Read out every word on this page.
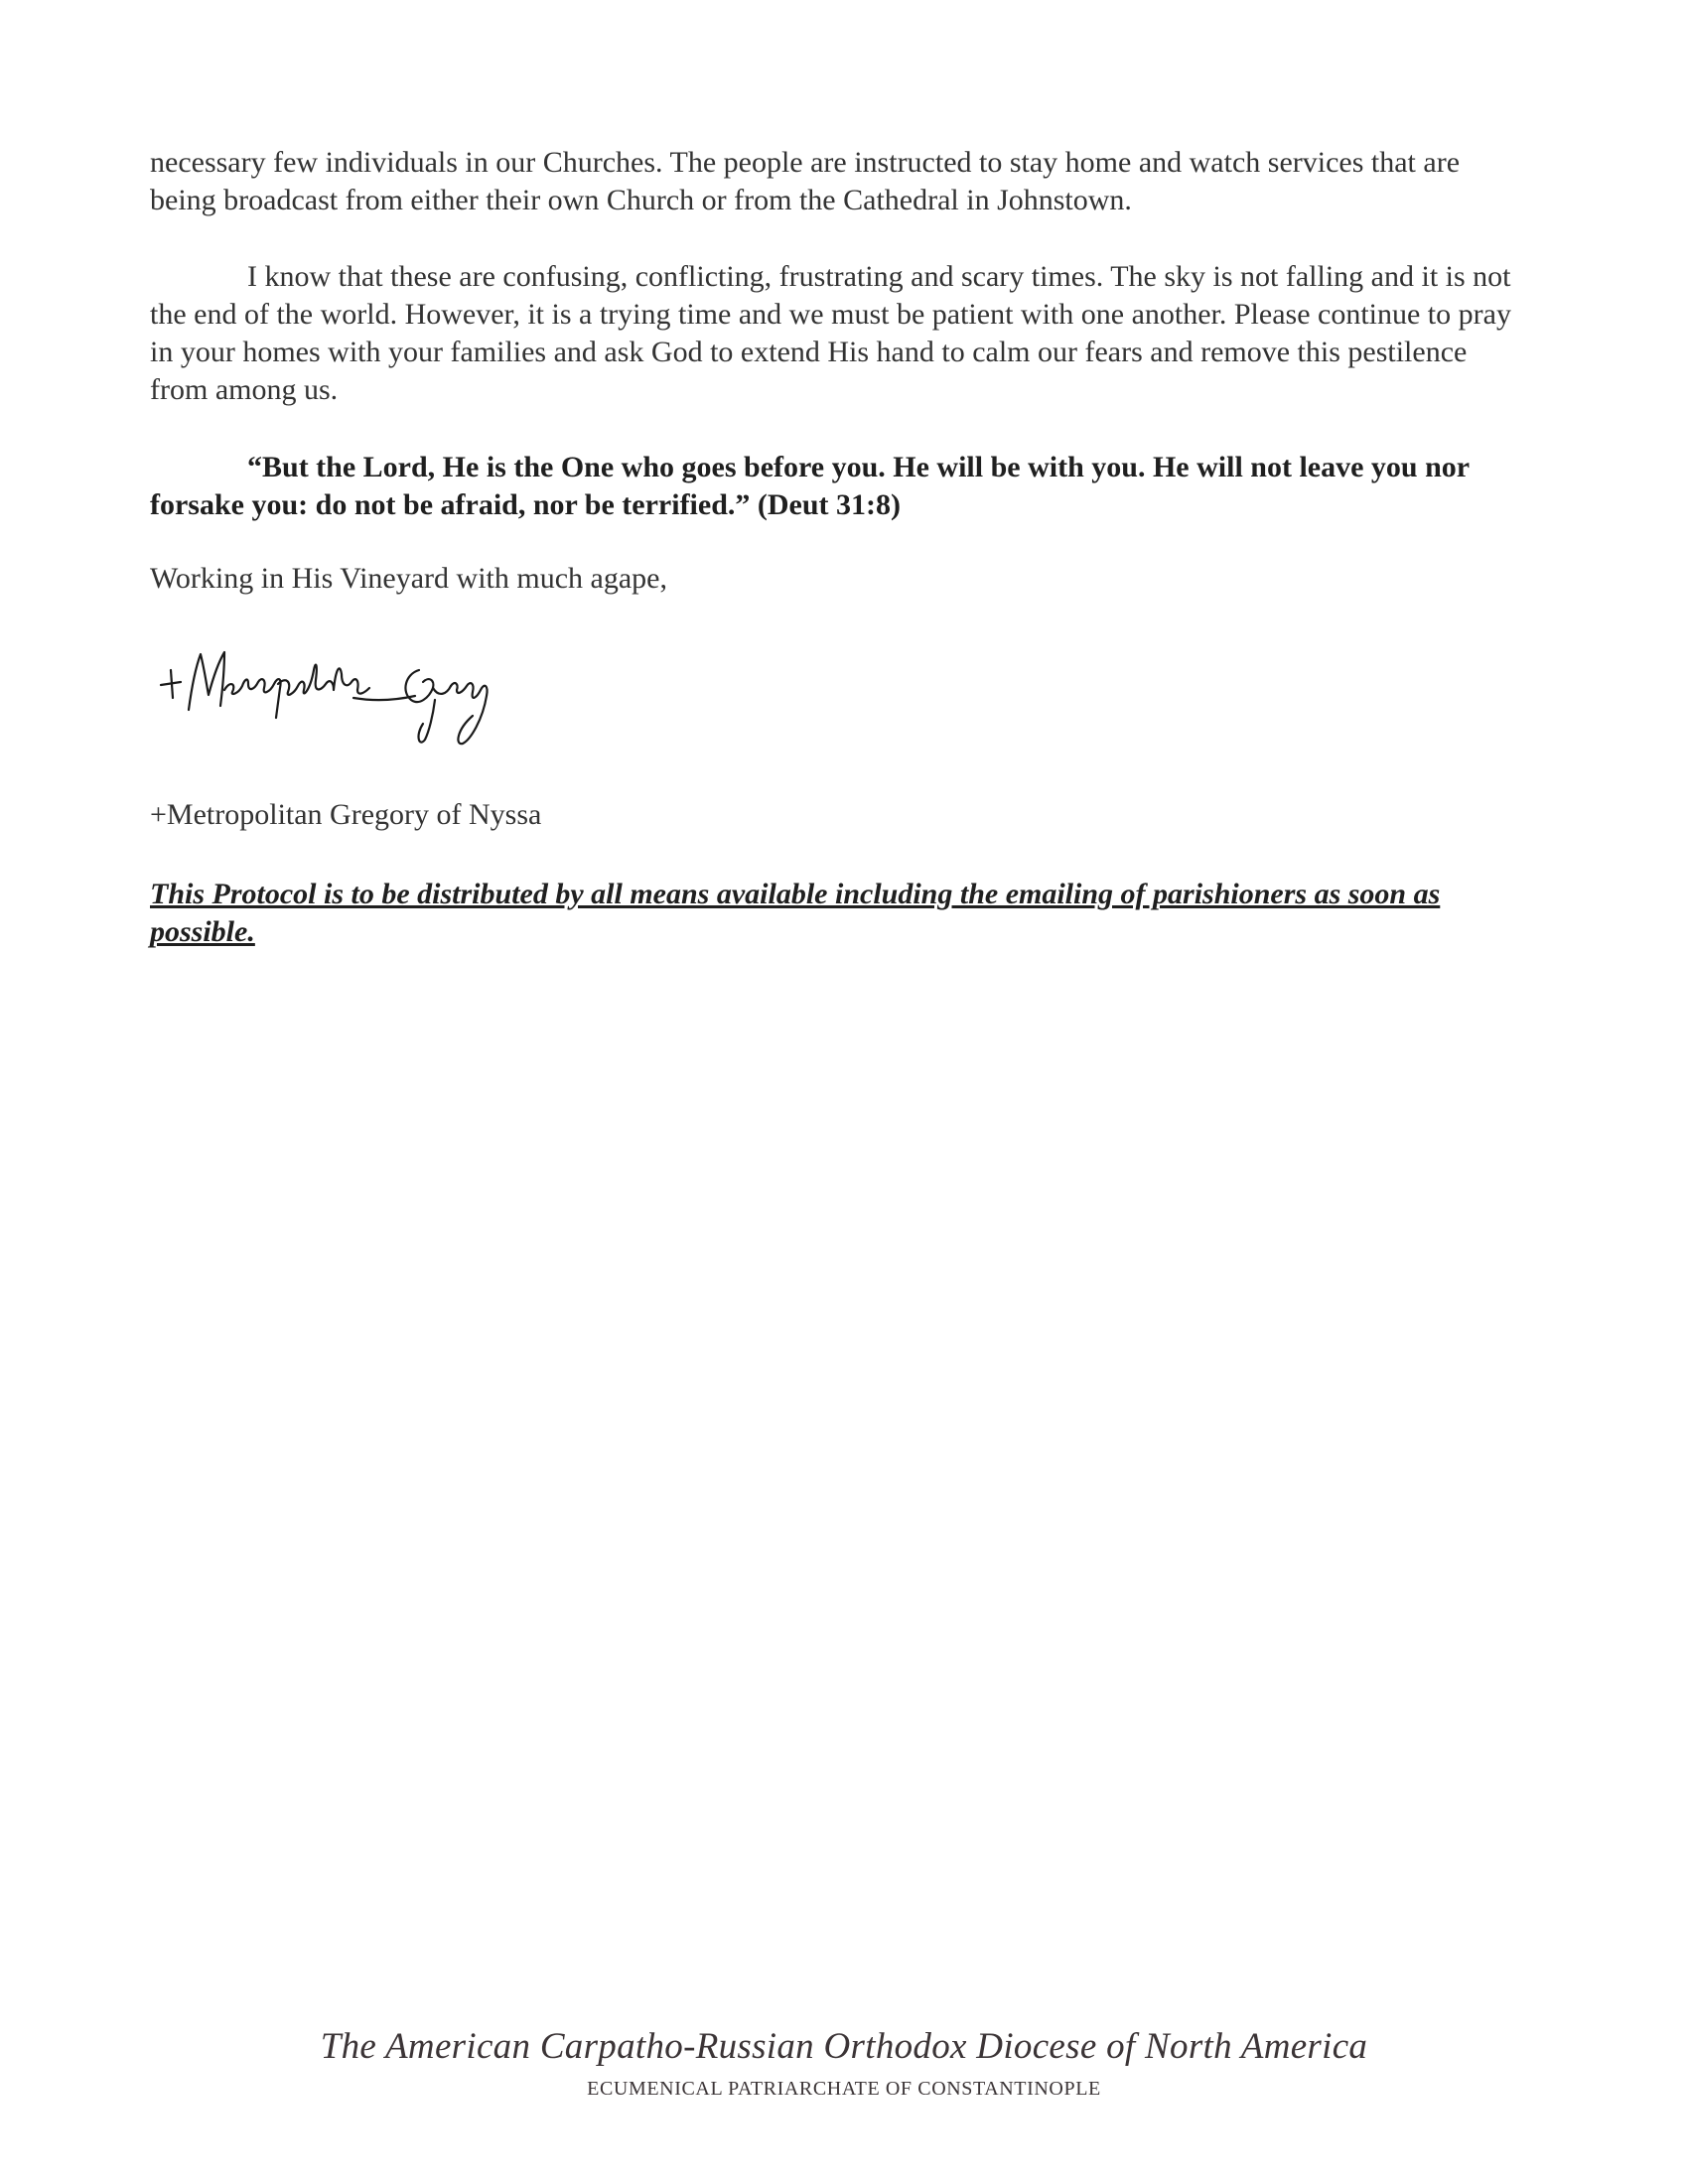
necessary few individuals in our Churches. The people are instructed to stay home and watch services that are being broadcast from either their own Church or from the Cathedral in Johnstown.
I know that these are confusing, conflicting, frustrating and scary times. The sky is not falling and it is not the end of the world. However, it is a trying time and we must be patient with one another. Please continue to pray in your homes with your families and ask God to extend His hand to calm our fears and remove this pestilence from among us.
“But the Lord, He is the One who goes before you. He will be with you. He will not leave you nor forsake you: do not be afraid, nor be terrified.” (Deut 31:8)
Working in His Vineyard with much agape,
+Metropolitan Gregory of Nyssa
This Protocol is to be distributed by all means available including the emailing of parishioners as soon as possible.
The American Carpatho-Russian Orthodox Diocese of North America
ECUMENICAL PATRIARCHATE OF CONSTANTINOPLE
